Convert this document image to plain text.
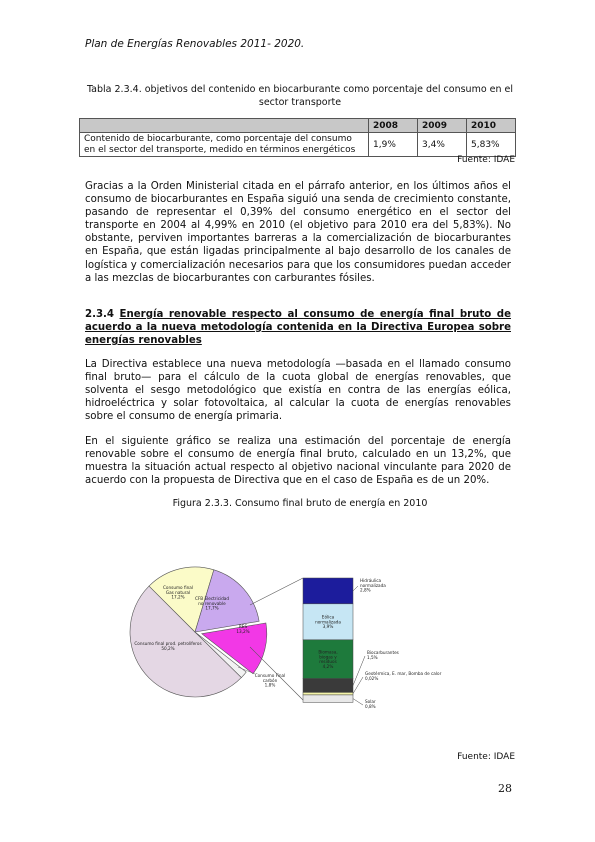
Plan de Energías Renovables 2011- 2020.
Tabla 2.3.4. objetivos del contenido en biocarburante como porcentaje del consumo en el sector transporte
	2008	2009	2010
Contenido de biocarburante, como porcentaje del consumo en el sector del transporte, medido en términos energéticos	1,9%	3,4%	5,83%
Fuente: IDAE
Gracias a la Orden Ministerial citada en el párrafo anterior, en los últimos años el consumo de biocarburantes en España siguió una senda de crecimiento constante, pasando de representar el 0,39% del consumo energético en el sector del transporte en 2004 al 4,99% en 2010 (el objetivo para 2010 era del 5,83%). No obstante, perviven importantes barreras a la comercialización de biocarburantes en España, que están ligadas principalmente al bajo desarrollo de los canales de logística y comercialización necesarios para que los consumidores puedan acceder a las mezclas de biocarburantes con carburantes fósiles.
2.3.4 Energía renovable respecto al consumo de energía final bruto de acuerdo a la nueva metodología contenida en la Directiva Europea sobre energías renovables
La Directiva establece una nueva metodología —basada en el llamado consumo final bruto— para el cálculo de la cuota global de energías renovables, que solventa el sesgo metodológico que existía en contra de las energías eólica, hidroeléctrica y solar fotovoltaica, al calcular la cuota de energías renovables sobre el consumo de energía primaria.
En el siguiente gráfico se realiza una estimación del porcentaje de energía renovable sobre el consumo de energía final bruto, calculado en un 13,2%, que muestra la situación actual respecto al objetivo nacional vinculante para 2020 de acuerdo con la propuesta de Directiva que en el caso de España es de un 20%.
Figura 2.3.3. Consumo final bruto de energía en 2010
Consumo final prod. petrolíferos 50,2%
Consumo final Gas natural 17,2%	CFB Electricidad no renovable 17,7%
RES 13,2%
Consumo Final carbón 1,8%
Eólica normalizada 3,9%
Biomasa, biogas y residuos 4,2%
Hidráulica normalizada 2,8%
Biocarburantes 1,5%
Geotérmica, E. mar, Bomba de calor 0,02%
Solar 0,8%
Fuente: IDAE
28
